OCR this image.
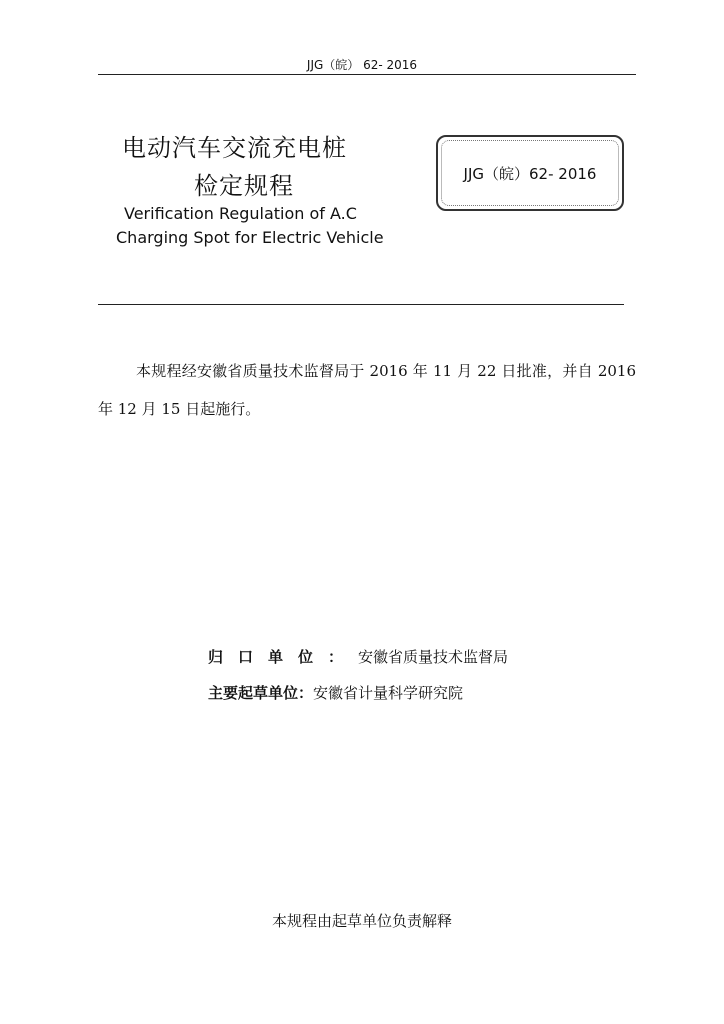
JJG（皖） 62- 2016
电动汽车交流充电桩
检定规程
Verification Regulation of A.C
Charging Spot for Electric Vehicle
JJG（皖）62- 2016
本规程经安徽省质量技术监督局于 2016 年 11 月 22 日批准，并自 2016 年 12 月 15 日起施行。
归口单位：安徽省质量技术监督局
主要起草单位：安徽省计量科学研究院
本规程由起草单位负责解释
